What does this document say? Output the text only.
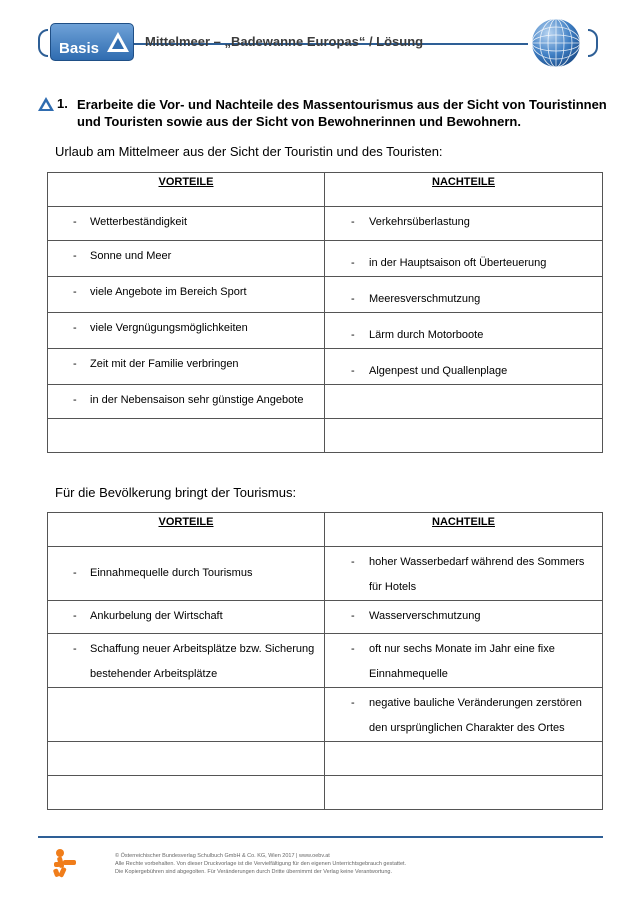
Basis	Mittelmeer – „Badewanne Europas“ / Lösung
1. Erarbeite die Vor- und Nachteile des Massentourismus aus der Sicht von Touristinnen und Touristen sowie aus der Sicht von Bewohnerinnen und Bewohnern.
Urlaub am Mittelmeer aus der Sicht der Touristin und des Touristen:
VORTEILE	NACHTEILE

- Wetterbeständigkeit	- Verkehrsüberlastung

- Sonne und Meer	- in der Hauptsaison oft Überteuerung

- viele Angebote im Bereich Sport	- Meeresverschmutzung

- viele Vergnügungsmöglichkeiten	- Lärm durch Motorboote

- Zeit mit der Familie verbringen	- Algenpest und Quallenplage

- in der Nebensaison sehr günstige Angebote	

Für die Bevölkerung bringt der Tourismus:
VORTEILE	NACHTEILE

- Einnahmequelle durch Tourismus	- hoher Wasserbedarf während des Sommers für Hotels

- Ankurbelung der Wirtschaft	- Wasserverschmutzung

- Schaffung neuer Arbeitsplätze bzw. Sicherung bestehender Arbeitsplätze	- oft nur sechs Monate im Jahr eine fixe Einnahmequelle

	- negative bauliche Veränderungen zerstören den ursprünglichen Charakter des Ortes

© Österreichischer Bundesverlag Schulbuch GmbH & Co. KG, Wien 2017 | www.oebv.at
Alle Rechte vorbehalten. Von dieser Druckvorlage ist die Vervielfältigung für den eigenen Unterrichtsgebrauch gestattet.
Die Kopiergebühren sind abgegolten. Für Veränderungen durch Dritte übernimmt der Verlag keine Verantwortung.
